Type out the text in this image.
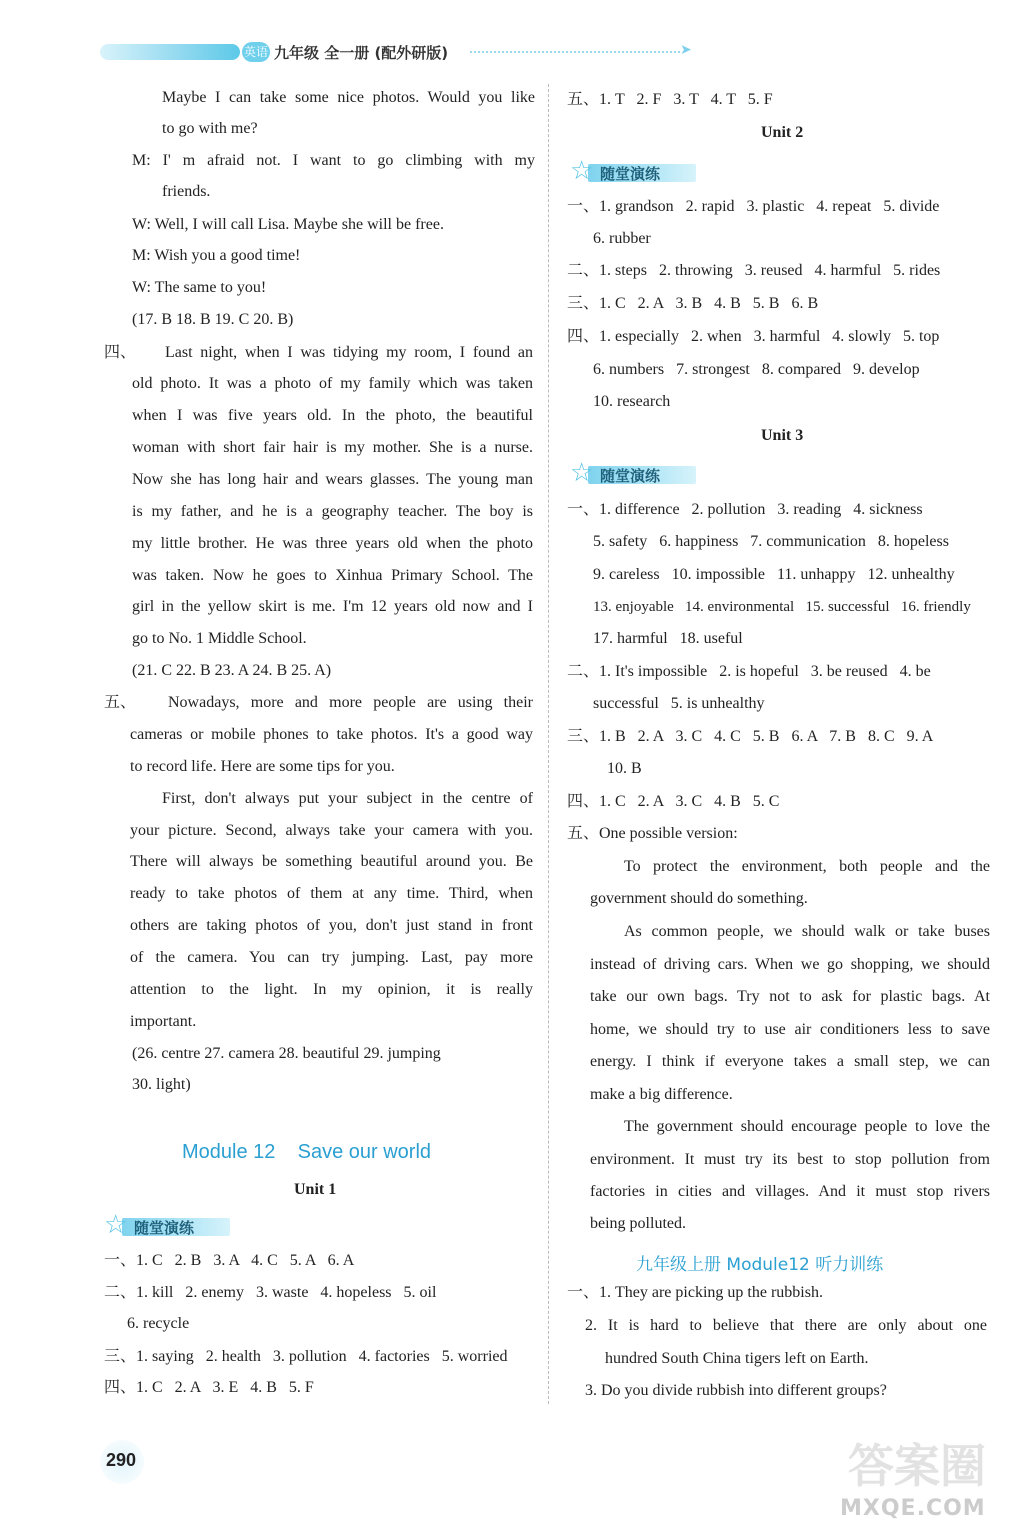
英语 九年级 全一册 (配外研版)	➤
Maybe I can take some nice photos. Would you like
to go with me?
M: I' m afraid not. I want to go climbing with my
friends.
W: Well, I will call Lisa. Maybe she will be free.
M: Wish you a good time!
W: The same to you!
(17. B 18. B 19. C 20. B)
四、 Last night, when I was tidying my room, I found an
old photo. It was a photo of my family which was taken
when I was five years old. In the photo, the beautiful
woman with short fair hair is my mother. She is a nurse.
Now she has long hair and wears glasses. The young man
is my father, and he is a geography teacher. The boy is
my little brother. He was three years old when the photo
was taken. Now he goes to Xinhua Primary School. The
girl in the yellow skirt is me. I'm 12 years old now and I
go to No. 1 Middle School.
(21. C 22. B 23. A 24. B 25. A)
五、 Nowadays, more and more people are using their
cameras or mobile phones to take photos. It's a good way
to record life. Here are some tips for you.
First, don't always put your subject in the centre of
your picture. Second, always take your camera with you.
There will always be something beautiful around you. Be
ready to take photos of them at any time. Third, when
others are taking photos of you, don't just stand in front
of the camera. You can try jumping. Last, pay more
attention to the light. In my opinion, it is really
important.
(26. centre 27. camera 28. beautiful 29. jumping
30. light)
Module 12    Save our world
Unit 1
☆ 随堂演练
一、1. C   2. B   3. A   4. C   5. A   6. A
二、1. kill   2. enemy   3. waste   4. hopeless   5. oil
6. recycle
三、1. saying   2. health   3. pollution   4. factories   5. worried
四、1. C   2. A   3. E   4. B   5. F
五、1. T   2. F   3. T   4. T   5. F
Unit 2
☆ 随堂演练
一、1. grandson   2. rapid   3. plastic   4. repeat   5. divide
6. rubber
二、1. steps   2. throwing   3. reused   4. harmful   5. rides
三、1. C   2. A   3. B   4. B   5. B   6. B
四、1. especially   2. when   3. harmful   4. slowly   5. top
6. numbers   7. strongest   8. compared   9. develop
10. research
Unit 3
☆ 随堂演练
一、1. difference   2. pollution   3. reading   4. sickness
5. safety   6. happiness   7. communication   8. hopeless
9. careless   10. impossible   11. unhappy   12. unhealthy
13. enjoyable   14. environmental   15. successful   16. friendly
17. harmful   18. useful
二、1. It's impossible   2. is hopeful   3. be reused   4. be
successful   5. is unhealthy
三、1. B   2. A   3. C   4. C   5. B   6. A   7. B   8. C   9. A
10. B
四、1. C   2. A   3. C   4. B   5. C
五、One possible version:
To protect the environment, both people and the
government should do something.
As common people, we should walk or take buses
instead of driving cars. When we go shopping, we should
take our own bags. Try not to ask for plastic bags. At
home, we should try to use air conditioners less to save
energy. I think if everyone takes a small step, we can
make a big difference.
The government should encourage people to love the
environment. It must try its best to stop pollution from
factories in cities and villages. And it must stop rivers
being polluted.
九年级上册 Module12 听力训练
一、1. They are picking up the rubbish.
2. It is hard to believe that there are only about one
hundred South China tigers left on Earth.
3. Do you divide rubbish into different groups?
290	答案圈
MXQE.COM
